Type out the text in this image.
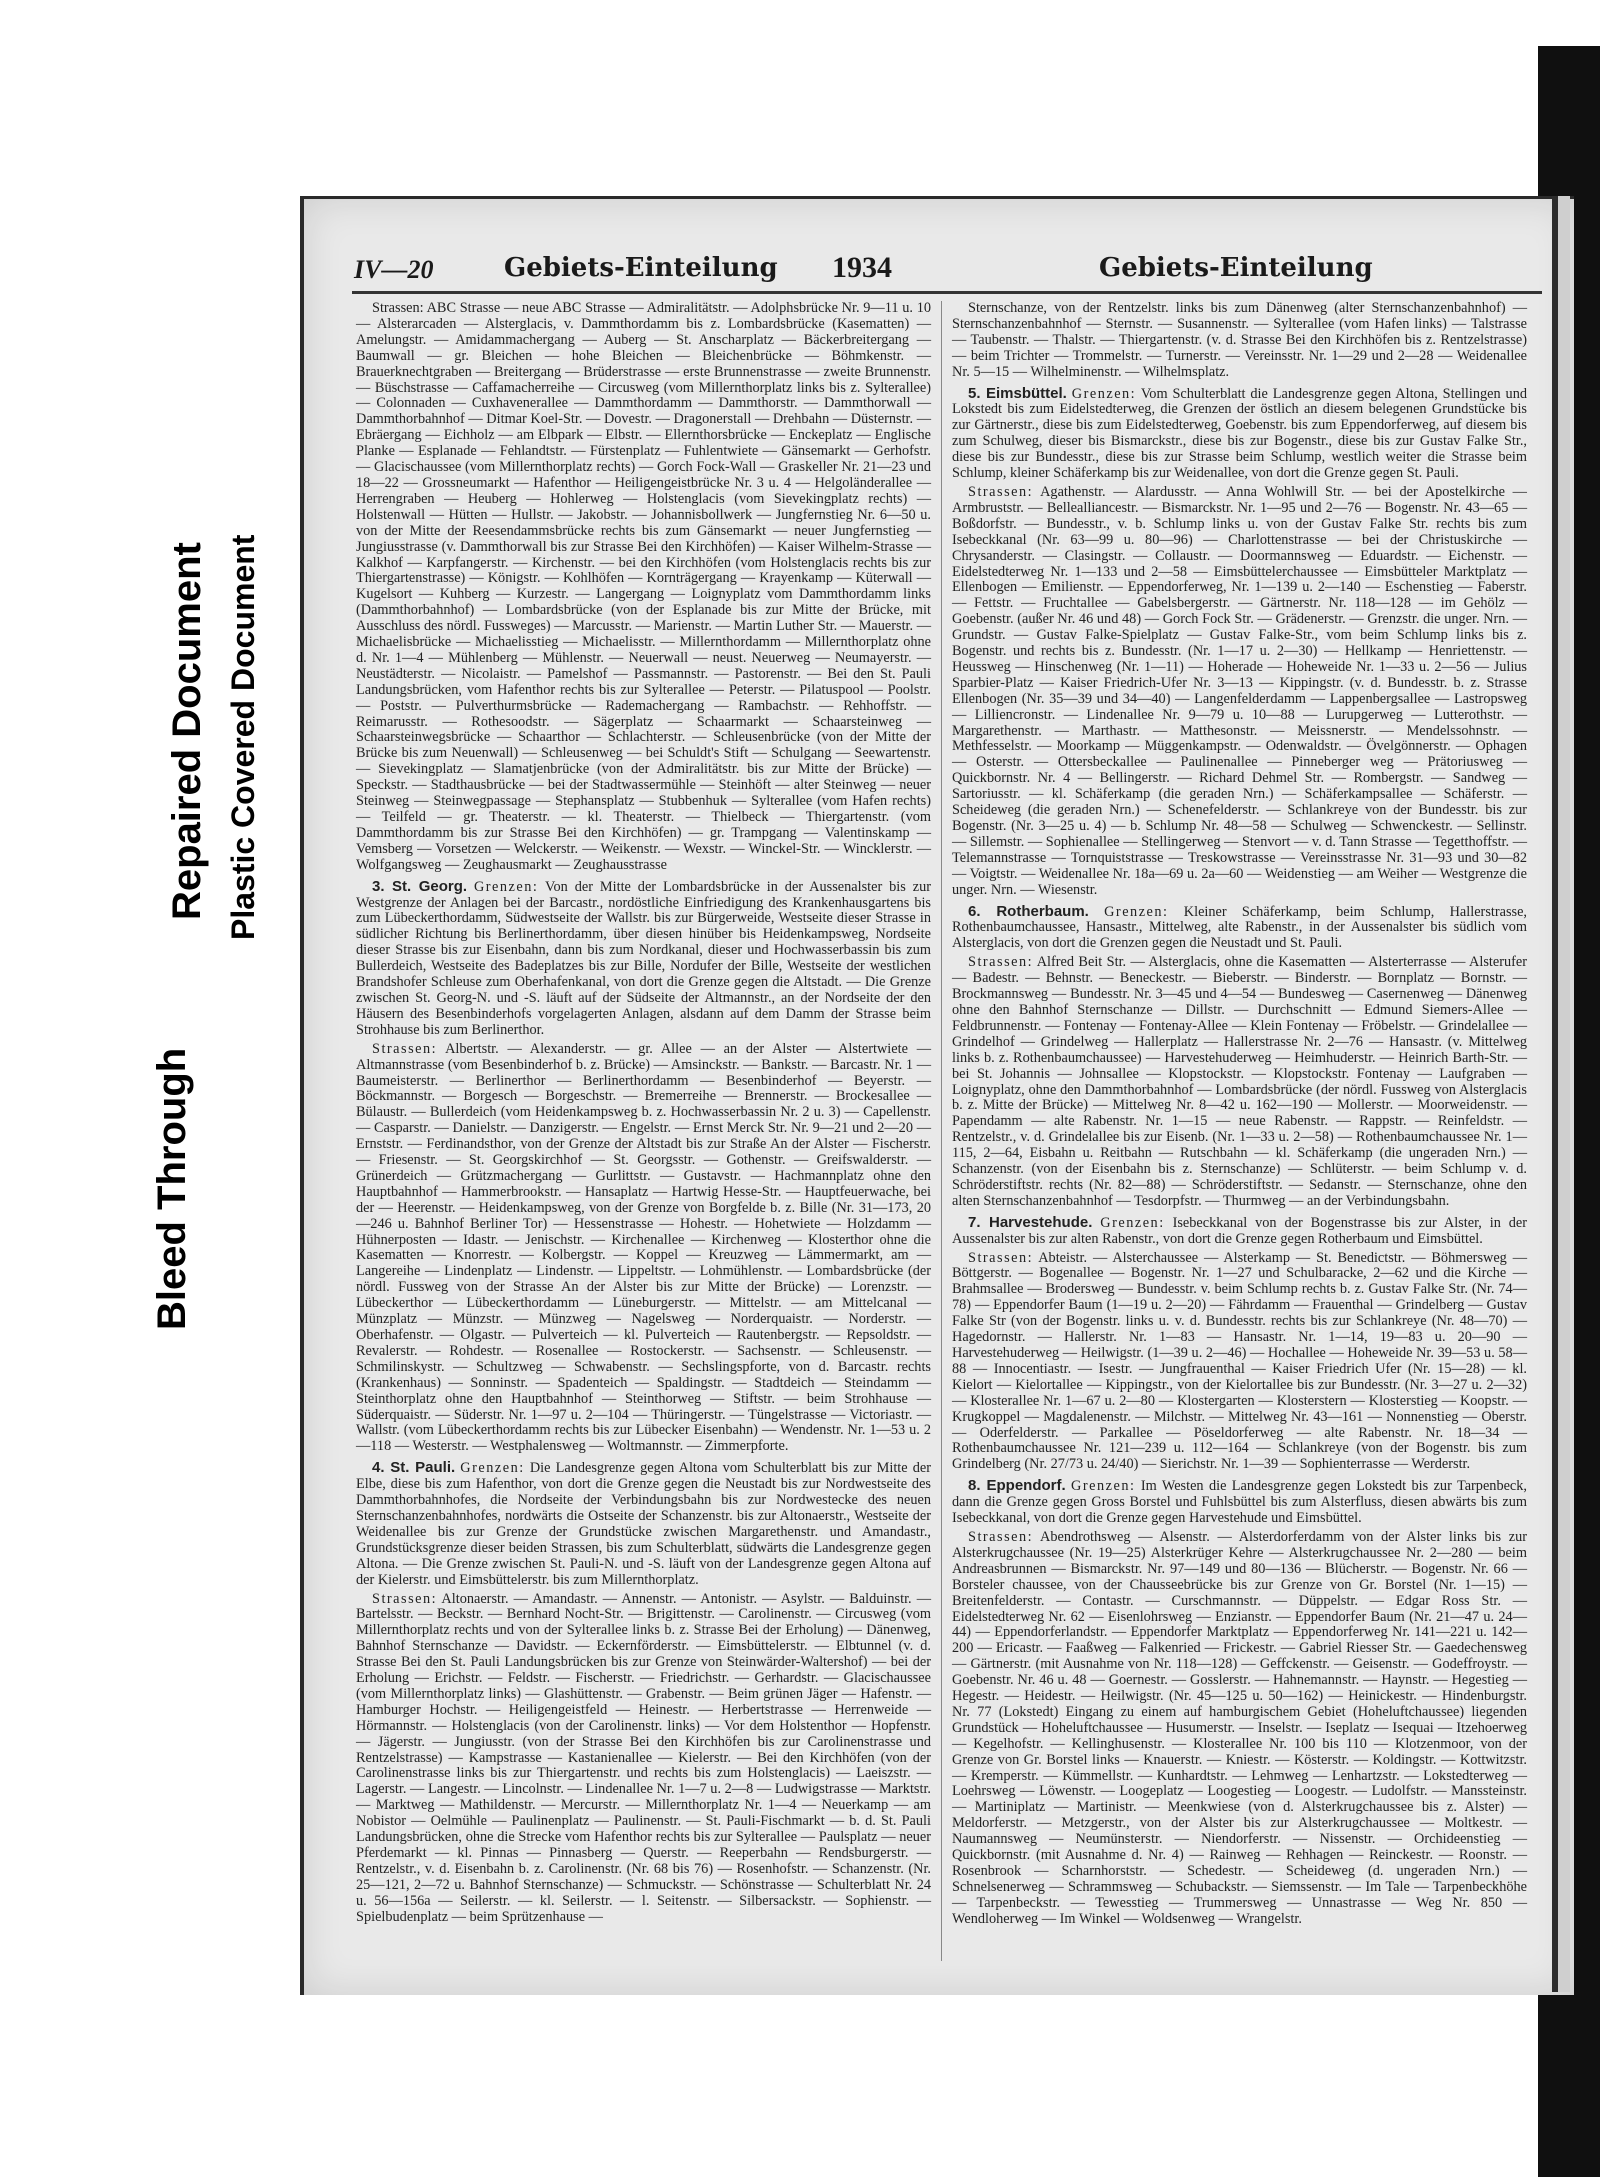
Bleed Through
Repaired Document Plastic Covered Document
IV—20	Gebiets-Einteilung 1934	Gebiets-Einteilung

Strassen: ABC Strasse — neue ABC Strasse — Admiralitätstr. — Adolphsbrücke Nr. 9—11 u. 10 — Alsterarcaden — Alsterglacis, v. Dammthordamm bis z. Lombardsbrücke (Kasematten) — Amelungstr. — Amidammachergang — Auberg — St. Anscharplatz — Bäckerbreitergang — Baumwall — gr. Bleichen — hohe Bleichen — Bleichenbrücke — Böhmkenstr. — Brauerknechtgraben — Breitergang — Brüderstrasse — erste Brunnenstrasse — zweite Brunnenstr. — Büschstrasse — Caffamacherreihe — Circusweg (vom Millernthorplatz links bis z. Sylterallee) — Colonnaden — Cuxhavenerallee — Dammthordamm — Dammthorstr. — Dammthorwall — Dammthorbahnhof — Ditmar Koel-Str. — Dovestr. — Dragonerstall — Drehbahn — Düsternstr. — Ebräergang — Eichholz — am Elbpark — Elbstr. — Ellernthorsbrücke — Enckeplatz — Englische Planke — Esplanade — Fehlandtstr. — Fürstenplatz — Fuhlentwiete — Gänsemarkt — Gerhofstr. — Glacischaussee (vom Millernthorplatz rechts) — Gorch Fock-Wall — Graskeller Nr. 21—23 und 18—22 — Grossneumarkt — Hafenthor — Heiligengeistbrücke Nr. 3 u. 4 — Helgoländerallee — Herrengraben — Heuberg — Hohlerweg — Holstenglacis (vom Sievekingplatz rechts) — Holstenwall — Hütten — Hullstr. — Jakobstr. — Johannisbollwerk — Jungfernstieg Nr. 6—50 u. von der Mitte der Reesendammsbrücke rechts bis zum Gänsemarkt — neuer Jungfernstieg — Jungiusstrasse (v. Dammthorwall bis zur Strasse Bei den Kirchhöfen) — Kaiser Wilhelm-Strasse — Kalkhof — Karpfangerstr. — Kirchenstr. — bei den Kirchhöfen (vom Holstenglacis rechts bis zur Thiergartenstrasse) — Königstr. — Kohlhöfen — Kornträgergang — Krayenkamp — Küterwall — Kugelsort — Kuhberg — Kurzestr. — Langergang — Loignyplatz vom Dammthordamm links (Dammthorbahnhof) — Lombardsbrücke (von der Esplanade bis zur Mitte der Brücke, mit Ausschluss des nördl. Fussweges) — Marcusstr. — Marienstr. — Martin Luther Str. — Mauerstr. — Michaelisbrücke — Michaelisstieg — Michaelisstr. — Millernthordamm — Millernthorplatz ohne d. Nr. 1—4 — Mühlenberg — Mühlenstr. — Neuerwall — neust. Neuerweg — Neumayerstr. — Neustädterstr. — Nicolaistr. — Pamelshof — Passmannstr. — Pastorenstr. — Bei den St. Pauli Landungsbrücken, vom Hafenthor rechts bis zur Sylterallee — Peterstr. — Pilatuspool — Poolstr. — Poststr. — Pulverthurmsbrücke — Rademachergang — Rambachstr. — Rehhoffstr. — Reimarusstr. — Rothesoodstr. — Sägerplatz — Schaarmarkt — Schaarsteinweg — Schaarsteinwegsbrücke — Schaarthor — Schlachterstr. — Schleusenbrücke (von der Mitte der Brücke bis zum Neuenwall) — Schleusenweg — bei Schuldt's Stift — Schulgang — Seewartenstr. — Sievekingplatz — Slamatjenbrücke (von der Admiralitätstr. bis zur Mitte der Brücke) — Speckstr. — Stadthausbrücke — bei der Stadtwassermühle — Steinhöft — alter Steinweg — neuer Steinweg — Steinwegpassage — Stephansplatz — Stubbenhuk — Sylterallee (vom Hafen rechts) — Teilfeld — gr. Theaterstr. — kl. Theaterstr. — Thielbeck — Thiergartenstr. (vom Dammthordamm bis zur Strasse Bei den Kirchhöfen) — gr. Trampgang — Valentinskamp — Vemsberg — Vorsetzen — Welckerstr. — Weikenstr. — Wexstr. — Winckel-Str. — Wincklerstr. — Wolfgangsweg — Zeughausmarkt — Zeughausstrasse

3. St. Georg. Grenzen: Von der Mitte der Lombardsbrücke in der Aussenalster bis zur Westgrenze der Anlagen bei der Barcastr., nordöstliche Einfriedigung des Krankenhausgartens bis zum Lübeckerthordamm, Südwestseite der Wallstr. bis zur Bürgerweide, Westseite dieser Strasse in südlicher Richtung bis Berlinerthordamm, über diesen hinüber bis Heidenkampsweg, Nordseite dieser Strasse bis zur Eisenbahn, dann bis zum Nordkanal, dieser und Hochwasserbassin bis zum Bullerdeich, Westseite des Badeplatzes bis zur Bille, Nordufer der Bille, Westseite der westlichen Brandshofer Schleuse zum Oberhafenkanal, von dort die Grenze gegen die Altstadt. — Die Grenze zwischen St. Georg-N. und -S. läuft auf der Südseite der Altmannstr., an der Nordseite der den Häusern des Besenbinderhofs vorgelagerten Anlagen, alsdann auf dem Damm der Strasse beim Strohhause bis zum Berlinerthor.

Strassen: Albertstr. — Alexanderstr. — gr. Allee — an der Alster — Alstertwiete — Altmannstrasse (vom Besenbinderhof b. z. Brücke) — Amsinckstr. — Bankstr. — Barcastr. Nr. 1 — Baumeisterstr. — Berlinerthor — Berlinerthordamm — Besenbinderhof — Beyerstr. — Böckmannstr. — Borgesch — Borgeschstr. — Bremerreihe — Brennerstr. — Brockesallee — Bülaustr. — Bullerdeich (vom Heidenkampsweg b. z. Hochwasserbassin Nr. 2 u. 3) — Capellenstr. — Casparstr. — Danielstr. — Danzigerstr. — Engelstr. — Ernst Merck Str. Nr. 9—21 und 2—20 — Ernststr. — Ferdinandsthor, von der Grenze der Altstadt bis zur Straße An der Alster — Fischerstr. — Friesenstr. — St. Georgskirchhof — St. Georgsstr. — Gothenstr. — Greifswalderstr. — Grünerdeich — Grützmachergang — Gurlittstr. — Gustavstr. — Hachmannplatz ohne den Hauptbahnhof — Hammerbrookstr. — Hansaplatz — Hartwig Hesse-Str. — Hauptfeuerwache, bei der — Heerenstr. — Heidenkampsweg, von der Grenze von Borgfelde b. z. Bille (Nr. 31—173, 20—246 u. Bahnhof Berliner Tor) — Hessenstrasse — Hohestr. — Hohetwiete — Holzdamm — Hühnerposten — Idastr. — Jenischstr. — Kirchenallee — Kirchenweg — Klosterthor ohne die Kasematten — Knorrestr. — Kolbergstr. — Koppel — Kreuzweg — Lämmermarkt, am — Langereihe — Lindenplatz — Lindenstr. — Lippeltstr. — Lohmühlenstr. — Lombardsbrücke (der nördl. Fussweg von der Strasse An der Alster bis zur Mitte der Brücke) — Lorenzstr. — Lübeckerthor — Lübeckerthordamm — Lüneburgerstr. — Mittelstr. — am Mittelcanal — Münzplatz — Münzstr. — Münzweg — Nagelsweg — Norderquaistr. — Norderstr. — Oberhafenstr. — Olgastr. — Pulverteich — kl. Pulverteich — Rautenbergstr. — Repsoldstr. — Revalerstr. — Rohdestr. — Rosenallee — Rostockerstr. — Sachsenstr. — Schleusenstr. — Schmilinskystr. — Schultzweg — Schwabenstr. — Sechslingspforte, von d. Barcastr. rechts (Krankenhaus) — Sonninstr. — Spadenteich — Spaldingstr. — Stadtdeich — Steindamm — Steinthorplatz ohne den Hauptbahnhof — Steinthorweg — Stiftstr. — beim Strohhause — Süderquaistr. — Süderstr. Nr. 1—97 u. 2—104 — Thüringerstr. — Tüngelstrasse — Victoriastr. — Wallstr. (vom Lübeckerthordamm rechts bis zur Lübecker Eisenbahn) — Wendenstr. Nr. 1—53 u. 2—118 — Westerstr. — Westphalensweg — Woltmannstr. — Zimmerpforte.

4. St. Pauli. Grenzen: Die Landesgrenze gegen Altona vom Schulterblatt bis zur Mitte der Elbe, diese bis zum Hafenthor, von dort die Grenze gegen die Neustadt bis zur Nordwestseite des Dammthorbahnhofes, die Nordseite der Verbindungsbahn bis zur Nordwestecke des neuen Sternschanzenbahnhofes, nordwärts die Ostseite der Schanzenstr. bis zur Altonaerstr., Westseite der Weidenallee bis zur Grenze der Grundstücke zwischen Margarethenstr. und Amandastr., Grundstücksgrenze dieser beiden Strassen, bis zum Schulterblatt, südwärts die Landesgrenze gegen Altona. — Die Grenze zwischen St. Pauli-N. und -S. läuft von der Landesgrenze gegen Altona auf der Kielerstr. und Eimsbüttelerstr. bis zum Millernthorplatz.

Strassen: Altonaerstr. — Amandastr. — Annenstr. — Antonistr. — Asylstr. — Balduinstr. — Bartelsstr. — Beckstr. — Bernhard Nocht-Str. — Brigittenstr. — Carolinenstr. — Circusweg (vom Millernthorplatz rechts und von der Sylterallee links b. z. Strasse Bei der Erholung) — Dänenweg, Bahnhof Sternschanze — Davidstr. — Eckernförderstr. — Eimsbüttelerstr. — Elbtunnel (v. d. Strasse Bei den St. Pauli Landungsbrücken bis zur Grenze von Steinwärder-Waltershof) — bei der Erholung — Erichstr. — Feldstr. — Fischerstr. — Friedrichstr. — Gerhardstr. — Glacischaussee (vom Millernthorplatz links) — Glashüttenstr. — Grabenstr. — Beim grünen Jäger — Hafenstr. — Hamburger Hochstr. — Heiligengeistfeld — Heinestr. — Herbertstrasse — Herrenweide — Hörmannstr. — Holstenglacis (von der Carolinenstr. links) — Vor dem Holstenthor — Hopfenstr. — Jägerstr. — Jungiusstr. (von der Strasse Bei den Kirchhöfen bis zur Carolinenstrasse und Rentzelstrasse) — Kampstrasse — Kastanienallee — Kielerstr. — Bei den Kirchhöfen (von der Carolinenstrasse links bis zur Thiergartenstr. und rechts bis zum Holstenglacis) — Laeiszstr. — Lagerstr. — Langestr. — Lincolnstr. — Lindenallee Nr. 1—7 u. 2—8 — Ludwigstrasse — Marktstr. — Marktweg — Mathildenstr. — Mercurstr. — Millernthorplatz Nr. 1—4 — Neuerkamp — am Nobistor — Oelmühle — Paulinenplatz — Paulinenstr. — St. Pauli-Fischmarkt — b. d. St. Pauli Landungsbrücken, ohne die Strecke vom Hafenthor rechts bis zur Sylterallee — Paulsplatz — neuer Pferdemarkt — kl. Pinnas — Pinnasberg — Querstr. — Reeperbahn — Rendsburgerstr. — Rentzelstr., v. d. Eisenbahn b. z. Carolinenstr. (Nr. 68 bis 76) — Rosenhofstr. — Schanzenstr. (Nr. 25—121, 2—72 u. Bahnhof Sternschanze) — Schmuckstr. — Schönstrasse — Schulterblatt Nr. 24 u. 56—156a — Seilerstr. — kl. Seilerstr. — l. Seitenstr. — Silbersackstr. — Sophienstr. — Spielbudenplatz — beim Sprützenhause —

Sternschanze, von der Rentzelstr. links bis zum Dänenweg (alter Sternschanzenbahnhof) — Sternschanzenbahnhof — Sternstr. — Susannenstr. — Sylterallee (vom Hafen links) — Talstrasse — Taubenstr. — Thalstr. — Thiergartenstr. (v. d. Strasse Bei den Kirchhöfen bis z. Rentzelstrasse) — beim Trichter — Trommelstr. — Turnerstr. — Vereinsstr. Nr. 1—29 und 2—28 — Weidenallee Nr. 5—15 — Wilhelminenstr. — Wilhelmsplatz.

5. Eimsbüttel. Grenzen: Vom Schulterblatt die Landesgrenze gegen Altona, Stellingen und Lokstedt bis zum Eidelstedterweg, die Grenzen der östlich an diesem belegenen Grundstücke bis zur Gärtnerstr., diese bis zum Eidelstedterweg, Goebenstr. bis zum Eppendorferweg, auf diesem bis zum Schulweg, dieser bis Bismarckstr., diese bis zur Bogenstr., diese bis zur Gustav Falke Str., diese bis zur Bundesstr., diese bis zur Strasse beim Schlump, westlich weiter die Strasse beim Schlump, kleiner Schäferkamp bis zur Weidenallee, von dort die Grenze gegen St. Pauli.

Strassen: Agathenstr. — Alardusstr. — Anna Wohlwill Str. — bei der Apostelkirche — Armbruststr. — Bellealliancestr. — Bismarckstr. Nr. 1—95 und 2—76 — Bogenstr. Nr. 43—65 — Boßdorfstr. — Bundesstr., v. b. Schlump links u. von der Gustav Falke Str. rechts bis zum Isebeckkanal (Nr. 63—99 u. 80—96) — Charlottenstrasse — bei der Christuskirche — Chrysanderstr. — Clasingstr. — Collaustr. — Doormannsweg — Eduardstr. — Eichenstr. — Eidelstedterweg Nr. 1—133 und 2—58 — Eimsbüttelerchaussee — Eimsbütteler Marktplatz — Ellenbogen — Emilienstr. — Eppendorferweg, Nr. 1—139 u. 2—140 — Eschenstieg — Faberstr. — Fettstr. — Fruchtallee — Gabelsbergerstr. — Gärtnerstr. Nr. 118—128 — im Gehölz — Goebenstr. (außer Nr. 46 und 48) — Gorch Fock Str. — Grädenerstr. — Grenzstr. die unger. Nrn. — Grundstr. — Gustav Falke-Spielplatz — Gustav Falke-Str., vom beim Schlump links bis z. Bogenstr. und rechts bis z. Bundesstr. (Nr. 1—17 u. 2—30) — Hellkamp — Henriettenstr. — Heussweg — Hinschenweg (Nr. 1—11) — Hoherade — Hoheweide Nr. 1—33 u. 2—56 — Julius Sparbier-Platz — Kaiser Friedrich-Ufer Nr. 3—13 — Kippingstr. (v. d. Bundesstr. b. z. Strasse Ellenbogen (Nr. 35—39 und 34—40) — Langenfelderdamm — Lappenbergsallee — Lastropsweg — Lilliencronstr. — Lindenallee Nr. 9—79 u. 10—88 — Lurupgerweg — Lutterothstr. — Margarethenstr. — Marthastr. — Matthesonstr. — Meissnerstr. — Mendelssohnstr. — Methfesselstr. — Moorkamp — Müggenkampstr. — Odenwaldstr. — Övelgönnerstr. — Ophagen — Osterstr. — Ottersbeckallee — Paulinenallee — Pinneberger weg — Prätoriusweg — Quickbornstr. Nr. 4 — Bellingerstr. — Richard Dehmel Str. — Rombergstr. — Sandweg — Sartoriusstr. — kl. Schäferkamp (die geraden Nrn.) — Schäferkampsallee — Schäferstr. — Scheideweg (die geraden Nrn.) — Schenefelderstr. — Schlankreye von der Bundesstr. bis zur Bogenstr. (Nr. 3—25 u. 4) — b. Schlump Nr. 48—58 — Schulweg — Schwenckestr. — Sellinstr. — Sillemstr. — Sophienallee — Stellingerweg — Stenvort — v. d. Tann Strasse — Tegetthoffstr. — Telemannstrasse — Tornquiststrasse — Treskowstrasse — Vereinsstrasse Nr. 31—93 und 30—82 — Voigtstr. — Weidenallee Nr. 18a—69 u. 2a—60 — Weidenstieg — am Weiher — Westgrenze die unger. Nrn. — Wiesenstr.

6. Rotherbaum. Grenzen: Kleiner Schäferkamp, beim Schlump, Hallerstrasse, Rothenbaumchaussee, Hansastr., Mittelweg, alte Rabenstr., in der Aussenalster bis südlich vom Alsterglacis, von dort die Grenzen gegen die Neustadt und St. Pauli.

Strassen: Alfred Beit Str. — Alsterglacis, ohne die Kasematten — Alsterterrasse — Alsterufer — Badestr. — Behnstr. — Beneckestr. — Bieberstr. — Binderstr. — Bornplatz — Bornstr. — Brockmannsweg — Bundesstr. Nr. 3—45 und 4—54 — Bundesweg — Casernenweg — Dänenweg ohne den Bahnhof Sternschanze — Dillstr. — Durchschnitt — Edmund Siemers-Allee — Feldbrunnenstr. — Fontenay — Fontenay-Allee — Klein Fontenay — Fröbelstr. — Grindelallee — Grindelhof — Grindelweg — Hallerplatz — Hallerstrasse Nr. 2—76 — Hansastr. (v. Mittelweg links b. z. Rothenbaumchaussee) — Harvestehuderweg — Heimhuderstr. — Heinrich Barth-Str. — bei St. Johannis — Johnsallee — Klopstockstr. — Klopstockstr. Fontenay — Laufgraben — Loignyplatz, ohne den Dammthorbahnhof — Lombardsbrücke (der nördl. Fussweg von Alsterglacis b. z. Mitte der Brücke) — Mittelweg Nr. 8—42 u. 162—190 — Mollerstr. — Moorweidenstr. — Papendamm — alte Rabenstr. Nr. 1—15 — neue Rabenstr. — Rappstr. — Reinfeldstr. — Rentzelstr., v. d. Grindelallee bis zur Eisenb. (Nr. 1—33 u. 2—58) — Rothenbaumchaussee Nr. 1—115, 2—64, Eisbahn u. Reitbahn — Rutschbahn — kl. Schäferkamp (die ungeraden Nrn.) — Schanzenstr. (von der Eisenbahn bis z. Sternschanze) — Schlüterstr. — beim Schlump v. d. Schröderstiftstr. rechts (Nr. 82—88) — Schröderstiftstr. — Sedanstr. — Sternschanze, ohne den alten Sternschanzenbahnhof — Tesdorpfstr. — Thurmweg — an der Verbindungsbahn.

7. Harvestehude. Grenzen: Isebeckkanal von der Bogenstrasse bis zur Alster, in der Aussenalster bis zur alten Rabenstr., von dort die Grenze gegen Rotherbaum und Eimsbüttel.

Strassen: Abteistr. — Alsterchaussee — Alsterkamp — St. Benedictstr. — Böhmersweg — Böttgerstr. — Bogenallee — Bogenstr. Nr. 1—27 und Schulbaracke, 2—62 und die Kirche — Brahmsallee — Brodersweg — Bundesstr. v. beim Schlump rechts b. z. Gustav Falke Str. (Nr. 74—78) — Eppendorfer Baum (1—19 u. 2—20) — Fährdamm — Frauenthal — Grindelberg — Gustav Falke Str (von der Bogenstr. links u. v. d. Bundesstr. rechts bis zur Schlankreye (Nr. 48—70) — Hagedornstr. — Hallerstr. Nr. 1—83 — Hansastr. Nr. 1—14, 19—83 u. 20—90 — Harvestehuderweg — Heilwigstr. (1—39 u. 2—46) — Hochallee — Hoheweide Nr. 39—53 u. 58—88 — Innocentiastr. — Isestr. — Jungfrauenthal — Kaiser Friedrich Ufer (Nr. 15—28) — kl. Kielort — Kielortallee — Kippingstr., von der Kielortallee bis zur Bundesstr. (Nr. 3—27 u. 2—32) — Klosterallee Nr. 1—67 u. 2—80 — Klostergarten — Klosterstern — Klosterstieg — Koopstr. — Krugkoppel — Magdalenenstr. — Milchstr. — Mittelweg Nr. 43—161 — Nonnenstieg — Oberstr. — Oderfelderstr. — Parkallee — Pöseldorferweg — alte Rabenstr. Nr. 18—34 — Rothenbaumchaussee Nr. 121—239 u. 112—164 — Schlankreye (von der Bogenstr. bis zum Grindelberg (Nr. 27/73 u. 24/40) — Sierichstr. Nr. 1—39 — Sophienterrasse — Werderstr.

8. Eppendorf. Grenzen: Im Westen die Landesgrenze gegen Lokstedt bis zur Tarpenbeck, dann die Grenze gegen Gross Borstel und Fuhlsbüttel bis zum Alsterfluss, diesen abwärts bis zum Isebeckkanal, von dort die Grenze gegen Harvestehude und Eimsbüttel.

Strassen: Abendrothsweg — Alsenstr. — Alsterdorferdamm von der Alster links bis zur Alsterkrugchaussee (Nr. 19—25) Alsterkrüger Kehre — Alsterkrugchaussee Nr. 2—280 — beim Andreasbrunnen — Bismarckstr. Nr. 97—149 und 80—136 — Blücherstr. — Bogenstr. Nr. 66 — Borsteler chaussee, von der Chausseebrücke bis zur Grenze von Gr. Borstel (Nr. 1—15) — Breitenfelderstr. — Contastr. — Curschmannstr. — Düppelstr. — Edgar Ross Str. — Eidelstedterweg Nr. 62 — Eisenlohrsweg — Enzianstr. — Eppendorfer Baum (Nr. 21—47 u. 24—44) — Eppendorferlandstr. — Eppendorfer Marktplatz — Eppendorferweg Nr. 141—221 u. 142—200 — Ericastr. — Faaßweg — Falkenried — Frickestr. — Gabriel Riesser Str. — Gaedechensweg — Gärtnerstr. (mit Ausnahme von Nr. 118—128) — Geffckenstr. — Geisenstr. — Godeffroystr. — Goebenstr. Nr. 46 u. 48 — Goernestr. — Gosslerstr. — Hahnemannstr. — Haynstr. — Hegestieg — Hegestr. — Heidestr. — Heilwigstr. (Nr. 45—125 u. 50—162) — Heinickestr. — Hindenburgstr. Nr. 77 (Lokstedt) Eingang zu einem auf hamburgischem Gebiet (Hoheluftchaussee) liegenden Grundstück — Hoheluftchaussee — Husumerstr. — Inselstr. — Iseplatz — Isequai — Itzehoerweg — Kegelhofstr. — Kellinghusenstr. — Klosterallee Nr. 100 bis 110 — Klotzenmoor, von der Grenze von Gr. Borstel links — Knauerstr. — Kniestr. — Kösterstr. — Koldingstr. — Kottwitzstr. — Kremperstr. — Kümmellstr. — Kunhardtstr. — Lehmweg — Lenhartzstr. — Lokstedterweg — Loehrsweg — Löwenstr. — Loogeplatz — Loogestieg — Loogestr. — Ludolfstr. — Manssteinstr. — Martiniplatz — Martinistr. — Meenkwiese (von d. Alsterkrugchaussee bis z. Alster) — Meldorferstr. — Metzgerstr., von der Alster bis zur Alsterkrugchaussee — Moltkestr. — Naumannsweg — Neumünsterstr. — Niendorferstr. — Nissenstr. — Orchideenstieg — Quickbornstr. (mit Ausnahme d. Nr. 4) — Rainweg — Rehhagen — Reinckestr. — Roonstr. — Rosenbrook — Scharnhorststr. — Schedestr. — Scheideweg (d. ungeraden Nrn.) — Schnelsenerweg — Schrammsweg — Schubackstr. — Siemssenstr. — Im Tale — Tarpenbeckhöhe — Tarpenbeckstr. — Tewesstieg — Trummersweg — Unnastrasse — Weg Nr. 850 — Wendloherweg — Im Winkel — Woldsenweg — Wrangelstr.
